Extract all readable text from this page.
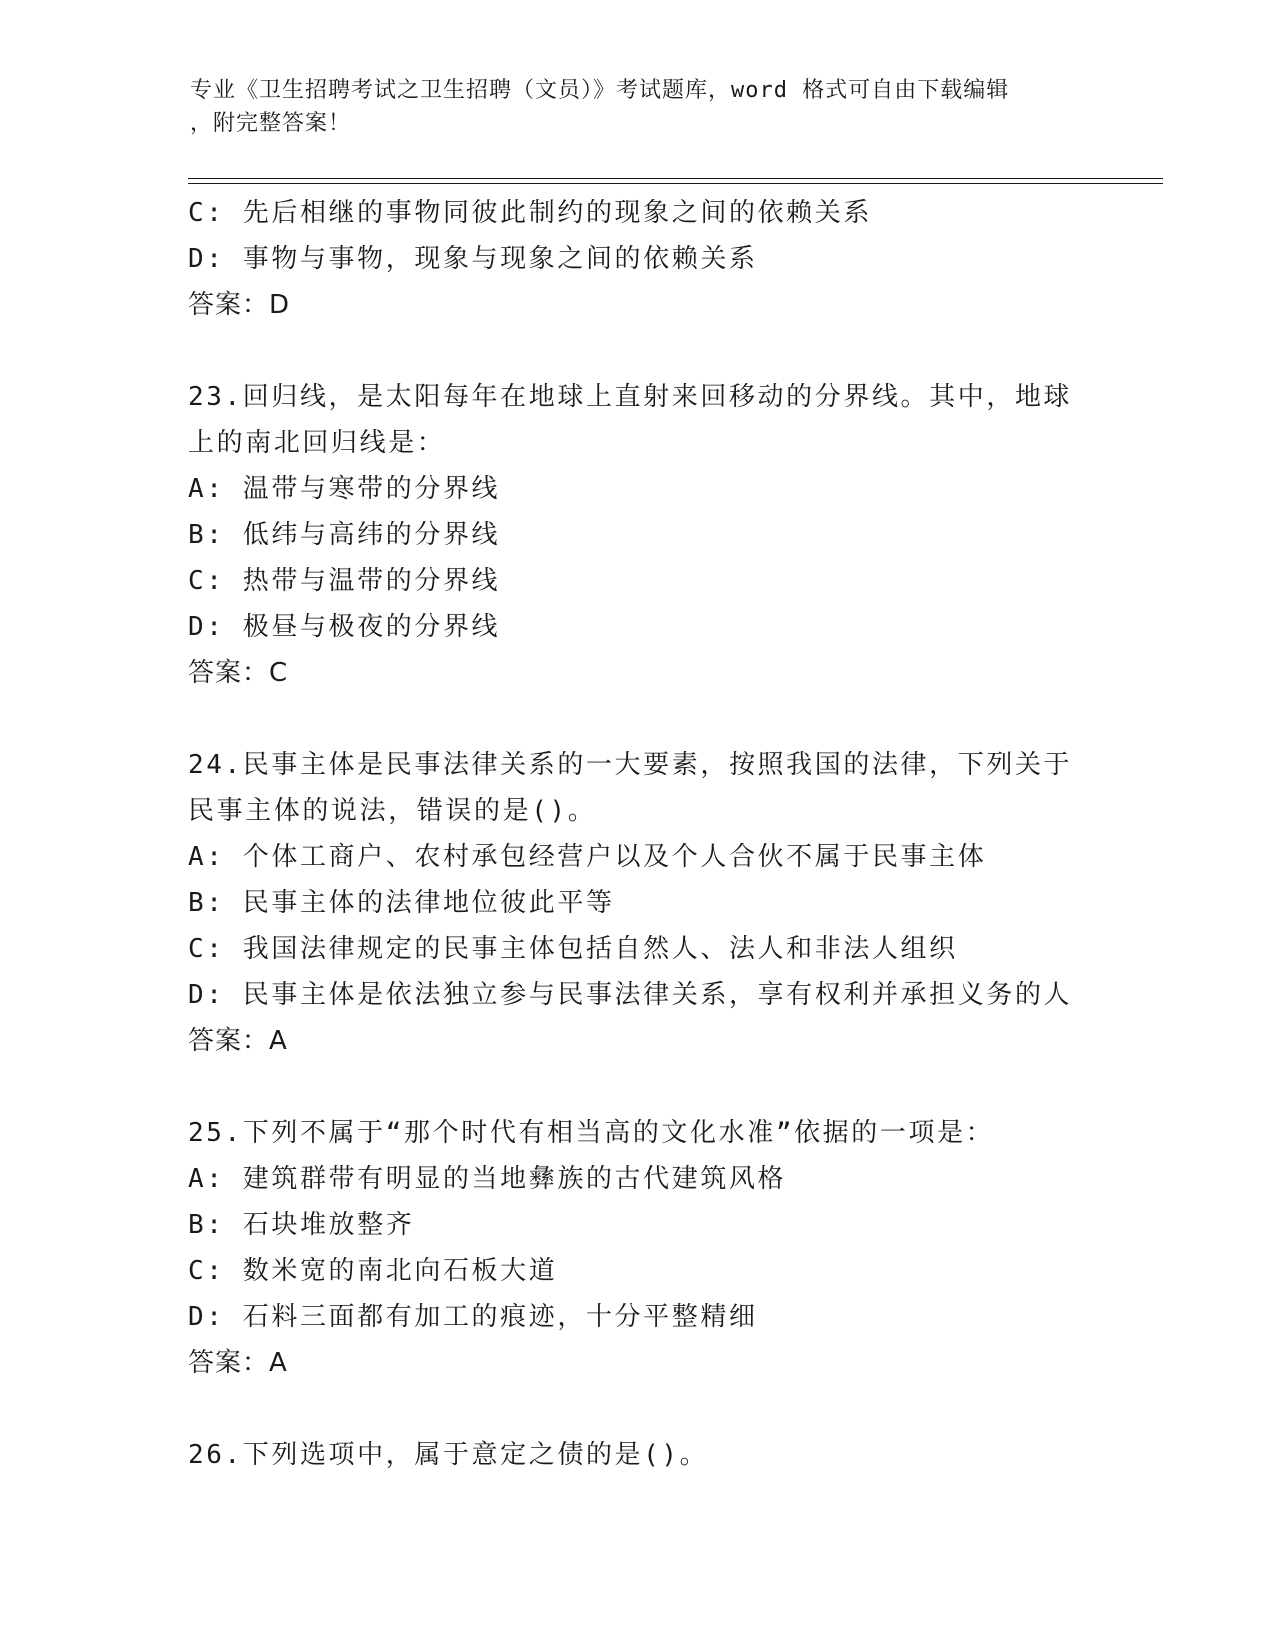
专业《卫生招聘考试之卫生招聘（文员）》考试题库，word 格式可自由下载编辑
，附完整答案！
C: 先后相继的事物同彼此制约的现象之间的依赖关系
D: 事物与事物，现象与现象之间的依赖关系
答案：D
23.回归线，是太阳每年在地球上直射来回移动的分界线。其中，地球
上的南北回归线是：
A: 温带与寒带的分界线
B: 低纬与高纬的分界线
C: 热带与温带的分界线
D: 极昼与极夜的分界线
答案：C
24.民事主体是民事法律关系的一大要素，按照我国的法律，下列关于
民事主体的说法，错误的是()。
A: 个体工商户、农村承包经营户以及个人合伙不属于民事主体
B: 民事主体的法律地位彼此平等
C: 我国法律规定的民事主体包括自然人、法人和非法人组织
D: 民事主体是依法独立参与民事法律关系，享有权利并承担义务的人
答案：A
25.下列不属于“那个时代有相当高的文化水准”依据的一项是：
A: 建筑群带有明显的当地彝族的古代建筑风格
B: 石块堆放整齐
C: 数米宽的南北向石板大道
D: 石料三面都有加工的痕迹，十分平整精细
答案：A
26.下列选项中，属于意定之债的是()。
